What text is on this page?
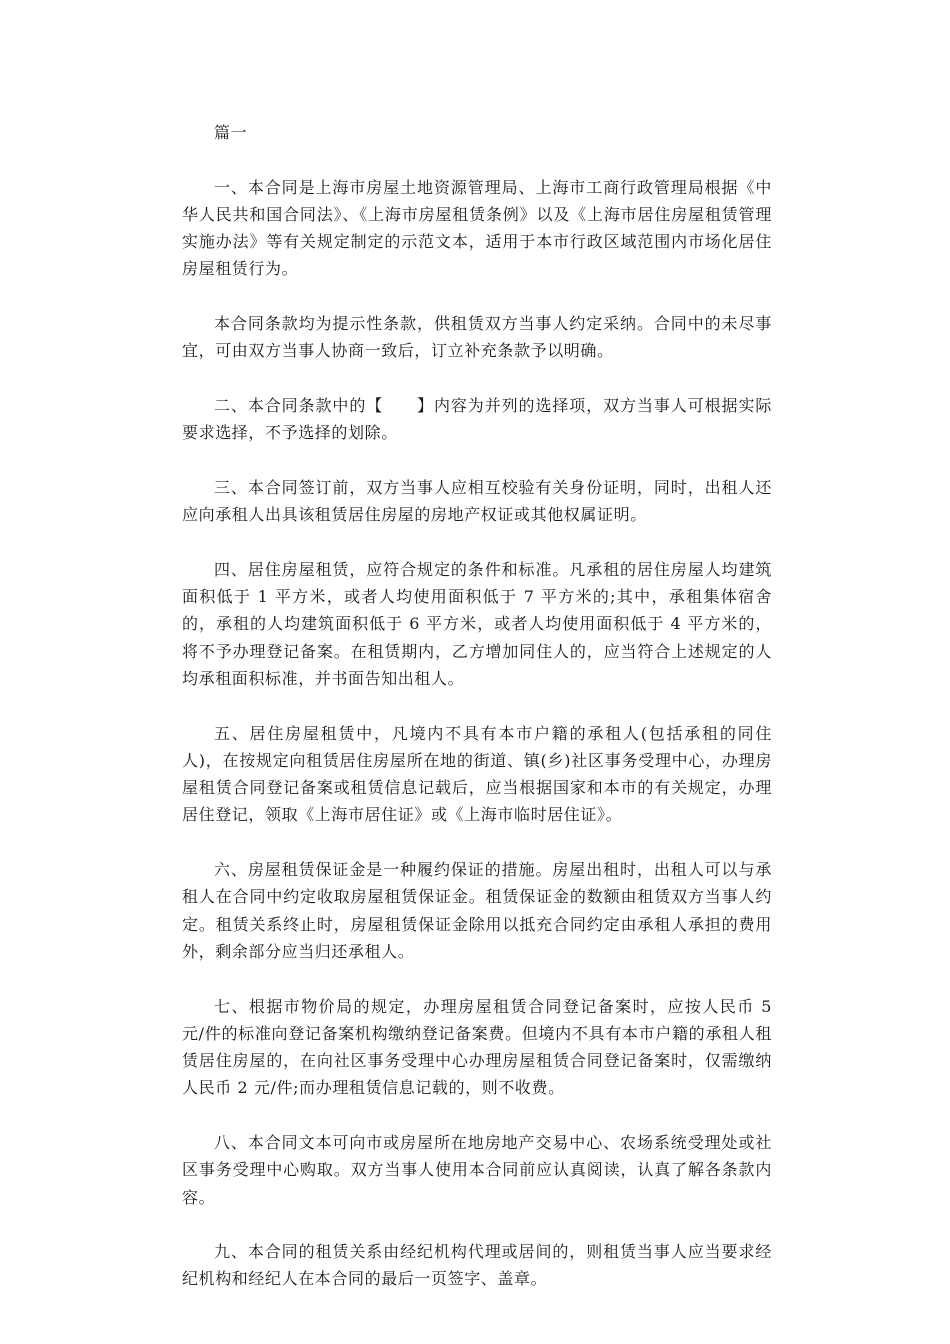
篇一

一、本合同是上海市房屋土地资源管理局、上海市工商行政管理局根据《中华人民共和国合同法》、《上海市房屋租赁条例》以及《上海市居住房屋租赁管理实施办法》等有关规定制定的示范文本，适用于本市行政区域范围内市场化居住房屋租赁行为。

本合同条款均为提示性条款，供租赁双方当事人约定采纳。合同中的未尽事宜，可由双方当事人协商一致后，订立补充条款予以明确。

二、本合同条款中的【　　】内容为并列的选择项，双方当事人可根据实际要求选择，不予选择的划除。

三、本合同签订前，双方当事人应相互校验有关身份证明，同时，出租人还应向承租人出具该租赁居住房屋的房地产权证或其他权属证明。

四、居住房屋租赁，应符合规定的条件和标准。凡承租的居住房屋人均建筑面积低于 1 平方米，或者人均使用面积低于 7 平方米的;其中，承租集体宿舍的，承租的人均建筑面积低于 6 平方米，或者人均使用面积低于 4 平方米的，将不予办理登记备案。在租赁期内，乙方增加同住人的，应当符合上述规定的人均承租面积标准，并书面告知出租人。

五、居住房屋租赁中，凡境内不具有本市户籍的承租人(包括承租的同住人)，在按规定向租赁居住房屋所在地的街道、镇(乡)社区事务受理中心，办理房屋租赁合同登记备案或租赁信息记载后，应当根据国家和本市的有关规定，办理居住登记，领取《上海市居住证》或《上海市临时居住证》。

六、房屋租赁保证金是一种履约保证的措施。房屋出租时，出租人可以与承租人在合同中约定收取房屋租赁保证金。租赁保证金的数额由租赁双方当事人约定。租赁关系终止时，房屋租赁保证金除用以抵充合同约定由承租人承担的费用外，剩余部分应当归还承租人。

七、根据市物价局的规定，办理房屋租赁合同登记备案时，应按人民币 5 元/件的标准向登记备案机构缴纳登记备案费。但境内不具有本市户籍的承租人租赁居住房屋的，在向社区事务受理中心办理房屋租赁合同登记备案时，仅需缴纳人民币 2 元/件;而办理租赁信息记载的，则不收费。

八、本合同文本可向市或房屋所在地房地产交易中心、农场系统受理处或社区事务受理中心购取。双方当事人使用本合同前应认真阅读，认真了解各条款内容。

九、本合同的租赁关系由经纪机构代理或居间的，则租赁当事人应当要求经纪机构和经纪人在本合同的最后一页签字、盖章。
